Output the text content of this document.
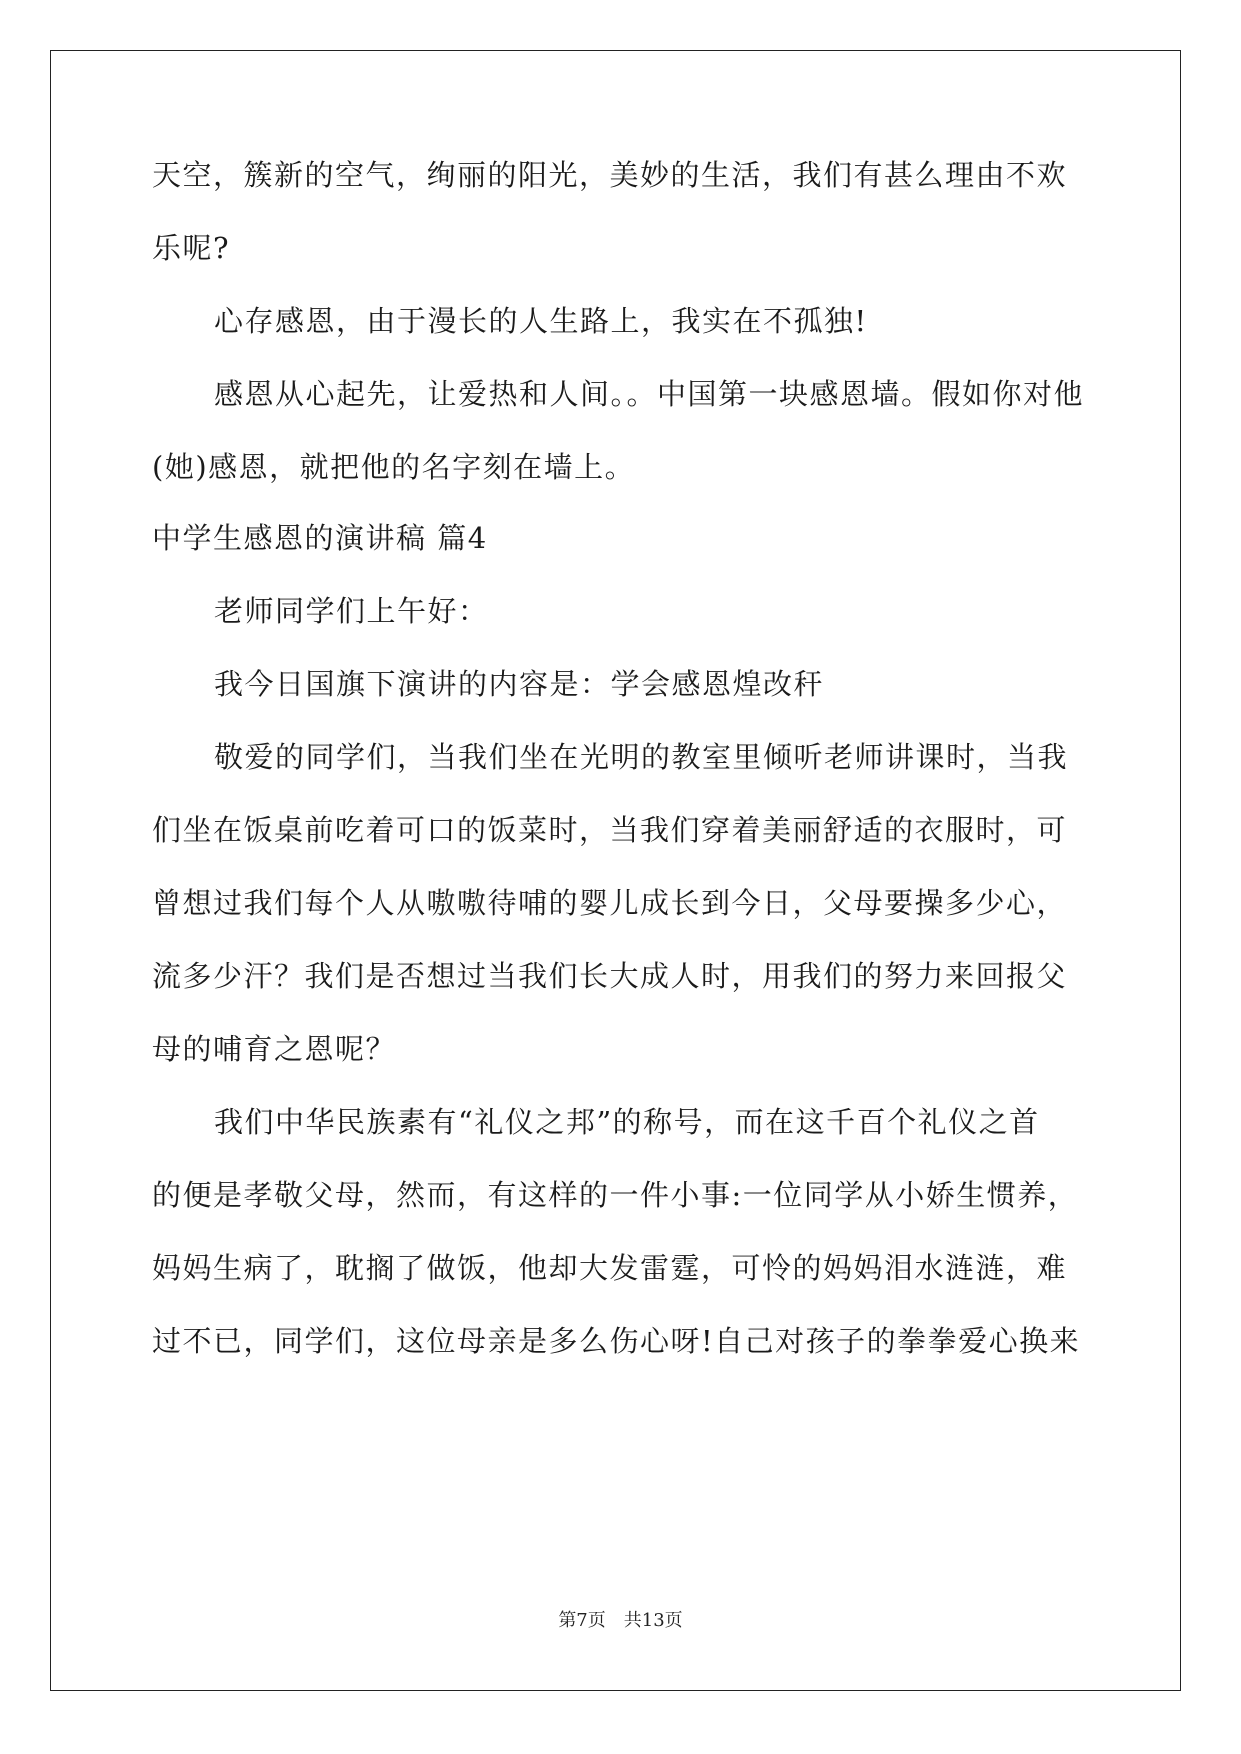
天空，簇新的空气，绚丽的阳光，美妙的生活，我们有甚么理由不欢
乐呢?
心存感恩，由于漫长的人生路上，我实在不孤独!
感恩从心起先，让爱热和人间。。中国第一块感恩墙。假如你对他
(她)感恩，就把他的名字刻在墙上。
中学生感恩的演讲稿 篇4
老师同学们上午好：
我今日国旗下演讲的内容是：学会感恩煌改秆
敬爱的同学们，当我们坐在光明的教室里倾听老师讲课时，当我
们坐在饭桌前吃着可口的饭菜时，当我们穿着美丽舒适的衣服时，可
曾想过我们每个人从嗷嗷待哺的婴儿成长到今日，父母要操多少心，
流多少汗？我们是否想过当我们长大成人时，用我们的努力来回报父
母的哺育之恩呢？
我们中华民族素有“礼仪之邦”的称号，而在这千百个礼仪之首
的便是孝敬父母，然而，有这样的一件小事:一位同学从小娇生惯养，
妈妈生病了，耽搁了做饭，他却大发雷霆，可怜的妈妈泪水涟涟，难
过不已，同学们，这位母亲是多么伤心呀!自己对孩子的拳拳爱心换来
第7页　共13页
